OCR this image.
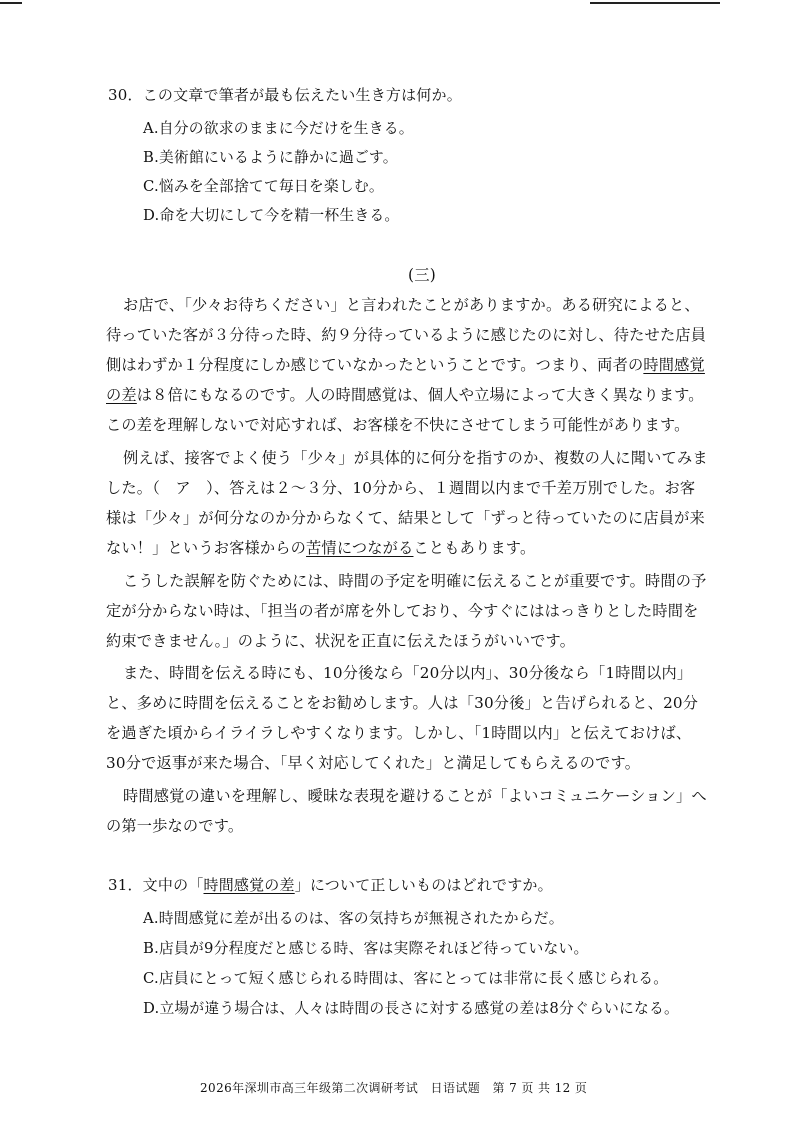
30．この文章で筆者が最も伝えたい生き方は何か。
A.自分の欲求のままに今だけを生きる。
B.美術館にいるように静かに過ごす。
C.悩みを全部捨てて毎日を楽しむ。
D.命を大切にして今を精一杯生きる。
(三)
お店で、「少々お待ちください」と言われたことがありますか。ある研究によると、
待っていた客が３分待った時、約９分待っているように感じたのに対し、待たせた店員
側はわずか１分程度にしか感じていなかったということです。つまり、両者の時間感覚
の差は８倍にもなるのです。人の時間感覚は、個人や立場によって大きく異なります。
この差を理解しないで対応すれば、お客様を不快にさせてしまう可能性があります。
例えば、接客でよく使う「少々」が具体的に何分を指すのか、複数の人に聞いてみま
した。（　ア　）、答えは２～３分、10分から、１週間以内まで千差万別でした。お客
様は「少々」が何分なのか分からなくて、結果として「ずっと待っていたのに店員が来
ない！」というお客様からの苦情につながることもあります。
こうした誤解を防ぐためには、時間の予定を明確に伝えることが重要です。時間の予
定が分からない時は、「担当の者が席を外しており、今すぐにははっきりとした時間を
約束できません。」のように、状況を正直に伝えたほうがいいです。
また、時間を伝える時にも、10分後なら「20分以内」、30分後なら「1時間以内」
と、多めに時間を伝えることをお勧めします。人は「30分後」と告げられると、20分
を過ぎた頃からイライラしやすくなります。しかし、「1時間以内」と伝えておけば、
30分で返事が来た場合、「早く対応してくれた」と満足してもらえるのです。
時間感覚の違いを理解し、曖昧な表現を避けることが「よいコミュニケーション」へ
の第一歩なのです。
31．文中の「時間感覚の差」について正しいものはどれですか。
A.時間感覚に差が出るのは、客の気持ちが無視されたからだ。
B.店員が9分程度だと感じる時、客は実際それほど待っていない。
C.店員にとって短く感じられる時間は、客にとっては非常に長く感じられる。
D.立場が違う場合は、人々は時間の長さに対する感覚の差は8分ぐらいになる。
2026年深圳市高三年级第二次调研考试　日语试题　第 7 页 共 12 页
